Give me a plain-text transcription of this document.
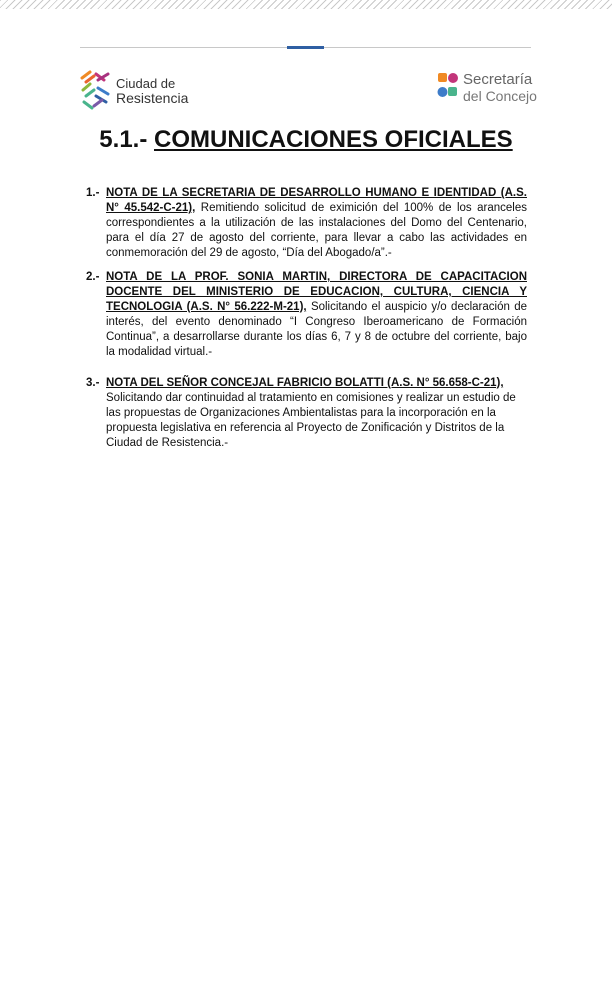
Ciudad de
Resistencia
Secretaría
del Concejo
5.1.- COMUNICACIONES OFICIALES
1.- NOTA DE LA SECRETARIA DE DESARROLLO HUMANO E IDENTIDAD (A.S. N° 45.542-C-21), Remitiendo solicitud de eximición del 100% de los aranceles correspondientes a la utilización de las instalaciones del Domo del Centenario, para el día 27 de agosto del corriente, para llevar a cabo las actividades en conmemoración del 29 de agosto, “Día del Abogado/a”.-
2.- NOTA DE LA PROF. SONIA MARTIN, DIRECTORA DE CAPACITACION DOCENTE DEL MINISTERIO DE EDUCACION, CULTURA, CIENCIA Y TECNOLOGIA (A.S. N° 56.222-M-21), Solicitando el auspicio y/o declaración de interés, del evento denominado “I Congreso Iberoamericano de Formación Continua”, a desarrollarse durante los días 6, 7 y 8 de octubre del corriente, bajo la modalidad virtual.-
3.- NOTA DEL SEÑOR CONCEJAL FABRICIO BOLATTI (A.S. N° 56.658-C-21),
Solicitando dar continuidad al tratamiento en comisiones y realizar un estudio de las propuestas de Organizaciones Ambientalistas para la incorporación en la propuesta legislativa en referencia al Proyecto de Zonificación y Distritos de la Ciudad de Resistencia.-
